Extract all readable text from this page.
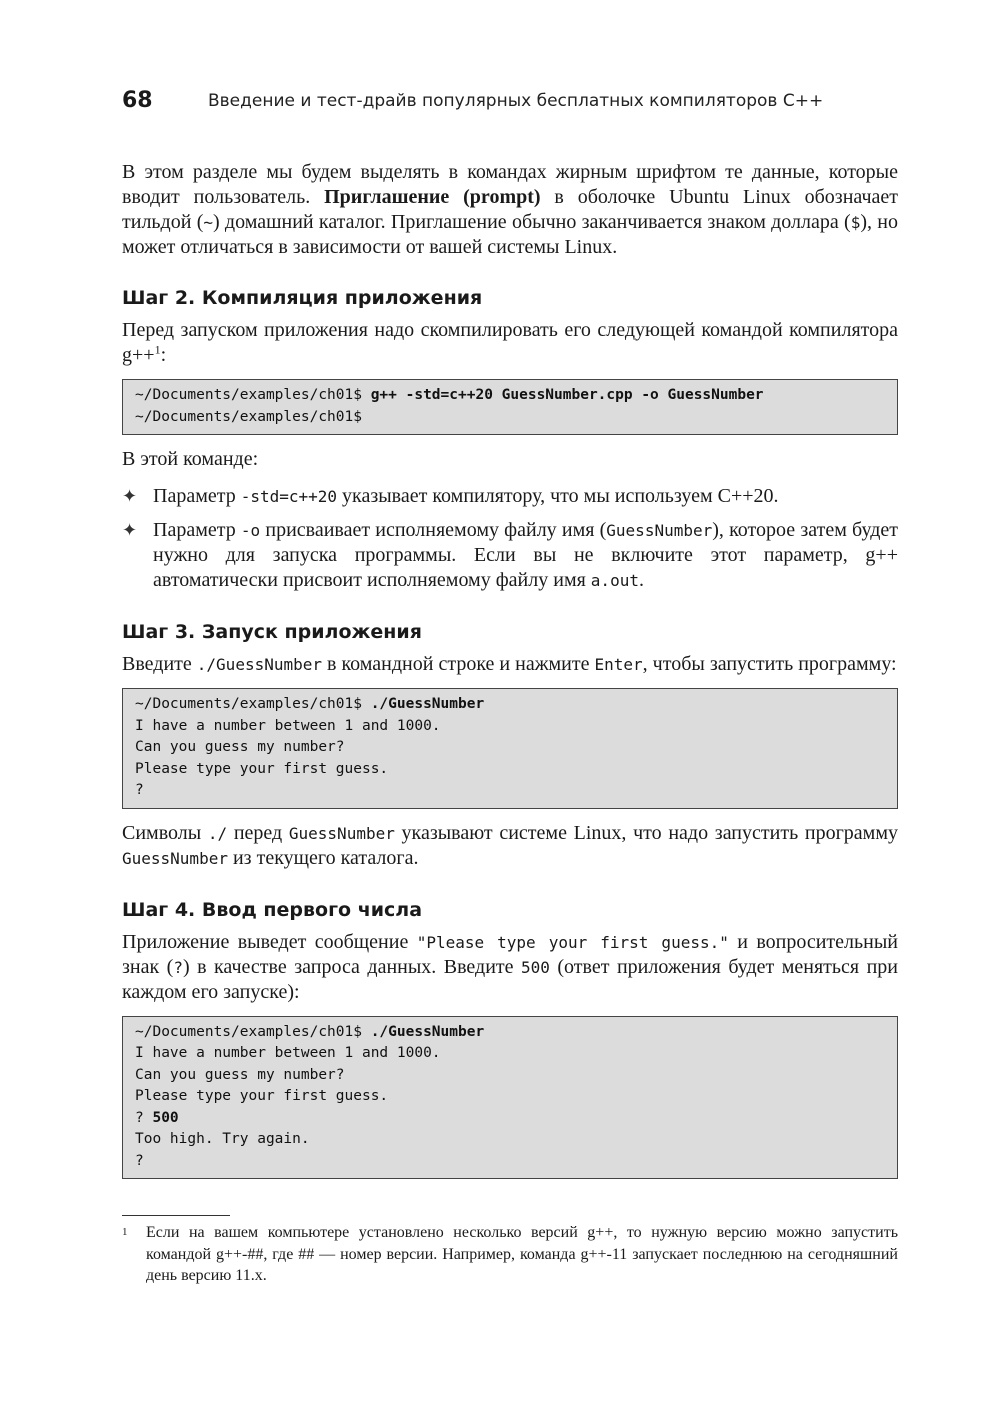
68	Введение и тест-драйв популярных бесплатных компиляторов С++

В этом разделе мы будем выделять в командах жирным шрифтом те данные, которые вводит пользователь. Приглашение (prompt) в оболочке Ubuntu Linux обозначает тильдой (~) домашний каталог. Приглашение обычно заканчивается знаком доллара ($), но может отличаться в зависимости от вашей системы Linux.

Шаг 2. Компиляция приложения

Перед запуском приложения надо скомпилировать его следующей командой компилятора g++$^1$:

~/Documents/examples/ch01$ g++ -std=c++20 GuessNumber.cpp -o GuessNumber
~/Documents/examples/ch01$

В этой команде:

✦ Параметр -std=c++20 указывает компилятору, что мы используем C++20.
✦ Параметр -o присваивает исполняемому файлу имя (GuessNumber), которое затем будет нужно для запуска программы. Если вы не включите этот параметр, g++ автоматически присвоит исполняемому файлу имя a.out.
Шаг 3. Запуск приложения

Введите ./GuessNumber в командной строке и нажмите Enter, чтобы запустить программу:

~/Documents/examples/ch01$ ./GuessNumber
I have a number between 1 and 1000.
Can you guess my number?
Please type your first guess.
?

Символы ./ перед GuessNumber указывают системе Linux, что надо запустить программу GuessNumber из текущего каталога.

Шаг 4. Ввод первого числа

Приложение выведет сообщение "Please type your first guess." и вопросительный знак (?) в качестве запроса данных. Введите 500 (ответ приложения будет меняться при каждом его запуске):

~/Documents/examples/ch01$ ./GuessNumber
I have a number between 1 and 1000.
Can you guess my number?
Please type your first guess.
? 500
Too high. Try again.
?
1	Если на вашем компьютере установлено несколько версий g++, то нужную версию можно запустить командой g++-##, где ## — номер версии. Например, команда g++-11 запускает последнюю на сегодняшний день версию 11.x.
